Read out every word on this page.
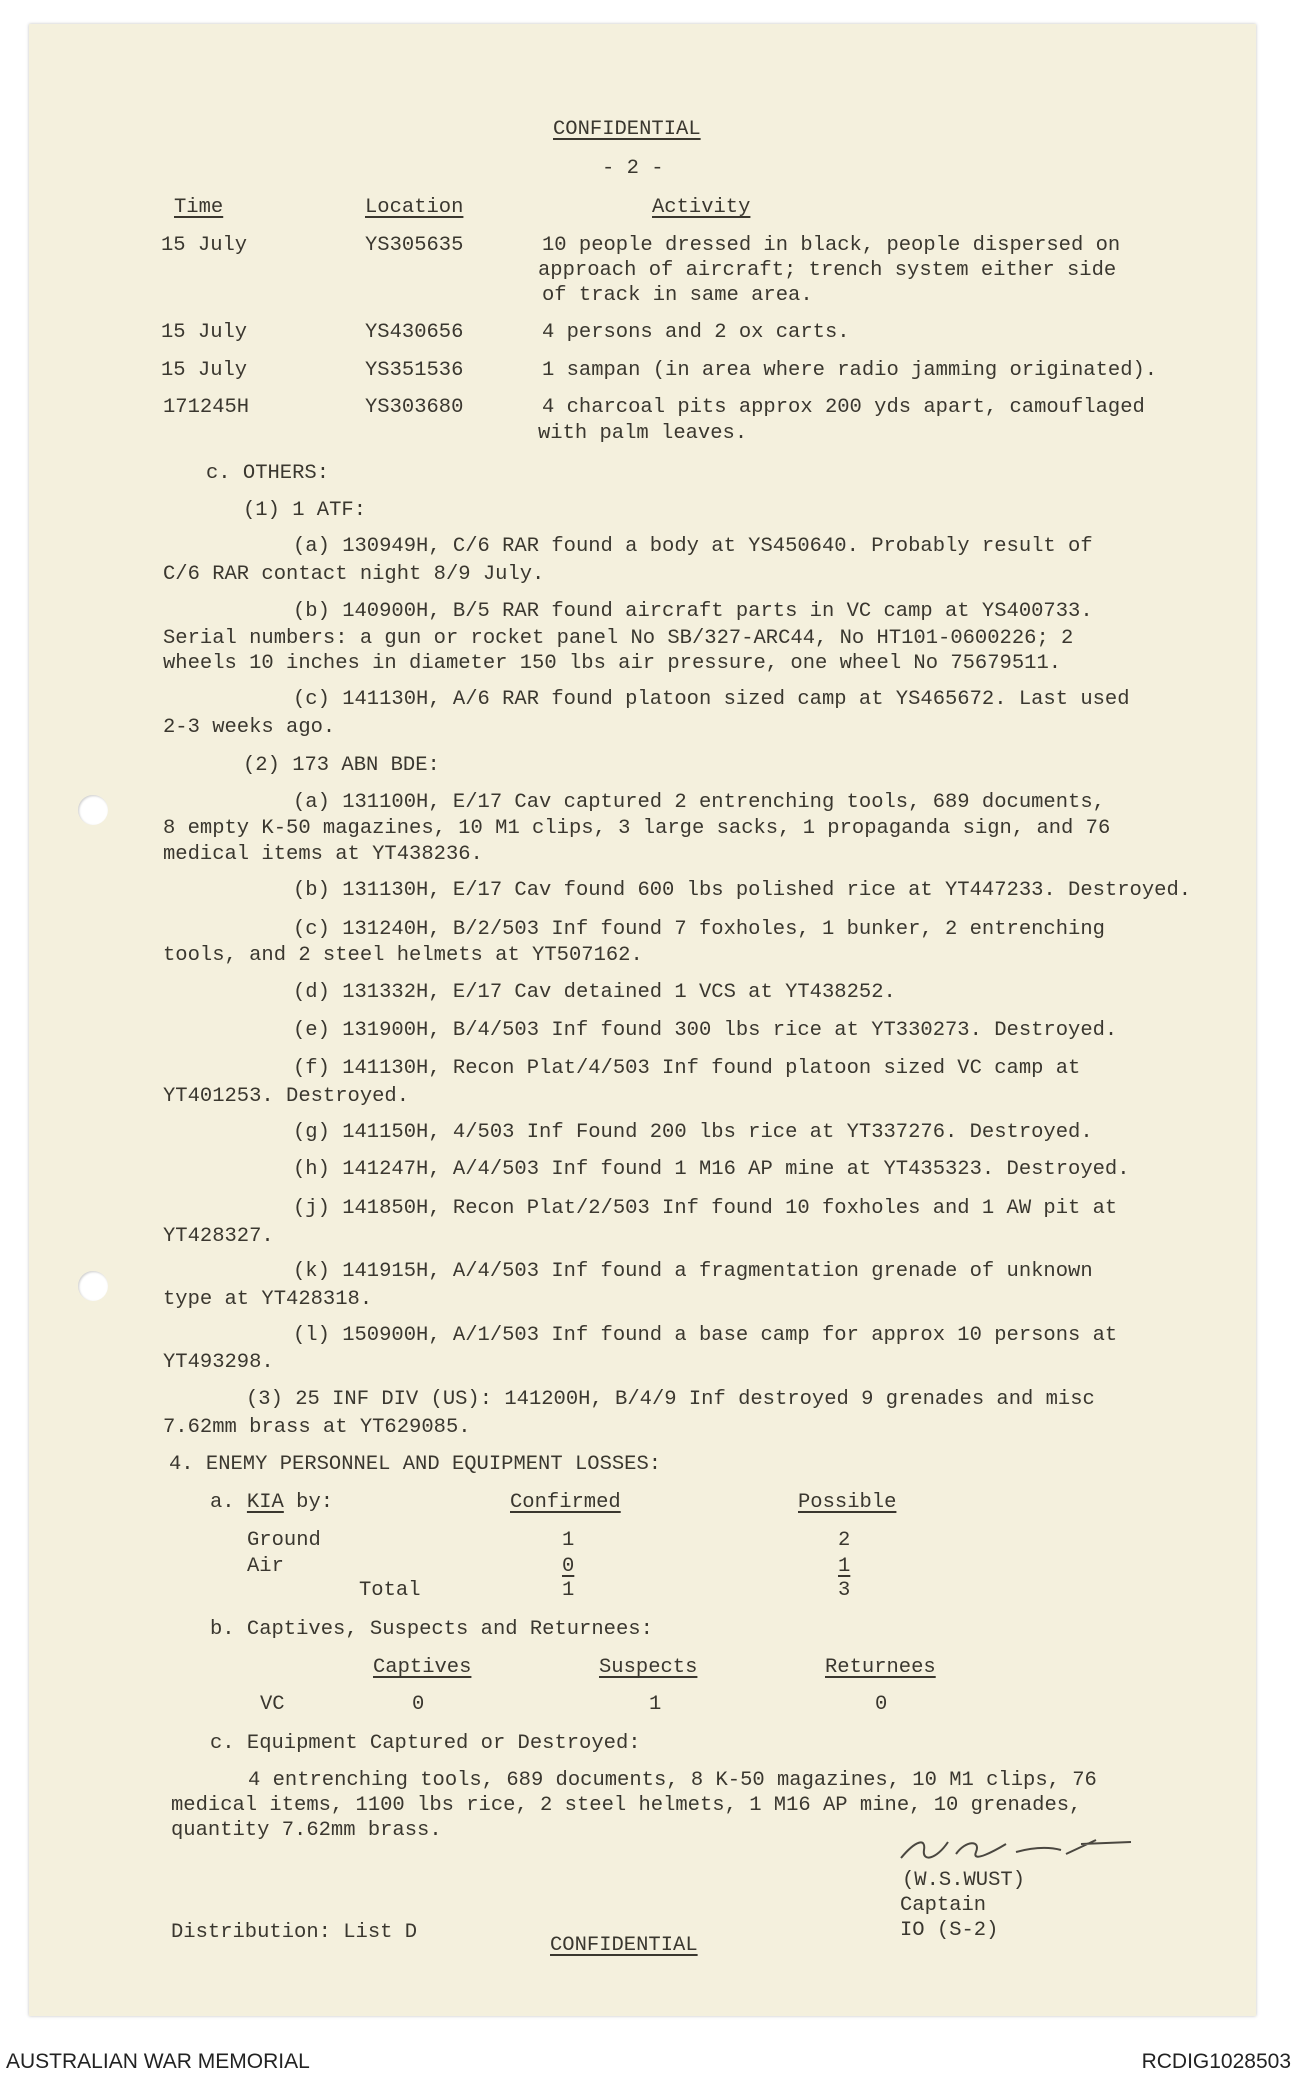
CONFIDENTIAL
- 2 -
Time	Location	Activity
15 July	YS305635	10 people dressed in black, people dispersed on
approach of aircraft; trench system either side
of track in same area.
15 July	YS430656	4 persons and 2 ox carts.
15 July	YS351536	1 sampan (in area where radio jamming originated).
171245H	YS303680	4 charcoal pits approx 200 yds apart, camouflaged
with palm leaves.
c. OTHERS:
(1) 1 ATF:
(a) 130949H, C/6 RAR found a body at YS450640. Probably result of
C/6 RAR contact night 8/9 July.
(b) 140900H, B/5 RAR found aircraft parts in VC camp at YS400733.
Serial numbers: a gun or rocket panel No SB/327-ARC44, No HT101-0600226; 2
wheels 10 inches in diameter 150 lbs air pressure, one wheel No 75679511.
(c) 141130H, A/6 RAR found platoon sized camp at YS465672. Last used
2-3 weeks ago.
(2) 173 ABN BDE:
(a) 131100H, E/17 Cav captured 2 entrenching tools, 689 documents,
8 empty K-50 magazines, 10 M1 clips, 3 large sacks, 1 propaganda sign, and 76
medical items at YT438236.
(b) 131130H, E/17 Cav found 600 lbs polished rice at YT447233. Destroyed.
(c) 131240H, B/2/503 Inf found 7 foxholes, 1 bunker, 2 entrenching
tools, and 2 steel helmets at YT507162.
(d) 131332H, E/17 Cav detained 1 VCS at YT438252.
(e) 131900H, B/4/503 Inf found 300 lbs rice at YT330273. Destroyed.
(f) 141130H, Recon Plat/4/503 Inf found platoon sized VC camp at
YT401253. Destroyed.
(g) 141150H, 4/503 Inf Found 200 lbs rice at YT337276. Destroyed.
(h) 141247H, A/4/503 Inf found 1 M16 AP mine at YT435323. Destroyed.
(j) 141850H, Recon Plat/2/503 Inf found 10 foxholes and 1 AW pit at
YT428327.
(k) 141915H, A/4/503 Inf found a fragmentation grenade of unknown
type at YT428318.
(l) 150900H, A/1/503 Inf found a base camp for approx 10 persons at
YT493298.
(3) 25 INF DIV (US): 141200H, B/4/9 Inf destroyed 9 grenades and misc
7.62mm brass at YT629085.
4. ENEMY PERSONNEL AND EQUIPMENT LOSSES:
a. KIA by:	Confirmed	Possible
Ground	1	2
Air	0	1
Total	1	3
b. Captives, Suspects and Returnees:
Captives	Suspects	Returnees
VC	0	1	0
c. Equipment Captured or Destroyed:
4 entrenching tools, 689 documents, 8 K-50 magazines, 10 M1 clips, 76
medical items, 1100 lbs rice, 2 steel helmets, 1 M16 AP mine, 10 grenades,
quantity 7.62mm brass.
(W.S.WUST)
Captain
IO (S-2)
Distribution: List D
CONFIDENTIAL
AUSTRALIAN WAR MEMORIAL	RCDIG1028503
